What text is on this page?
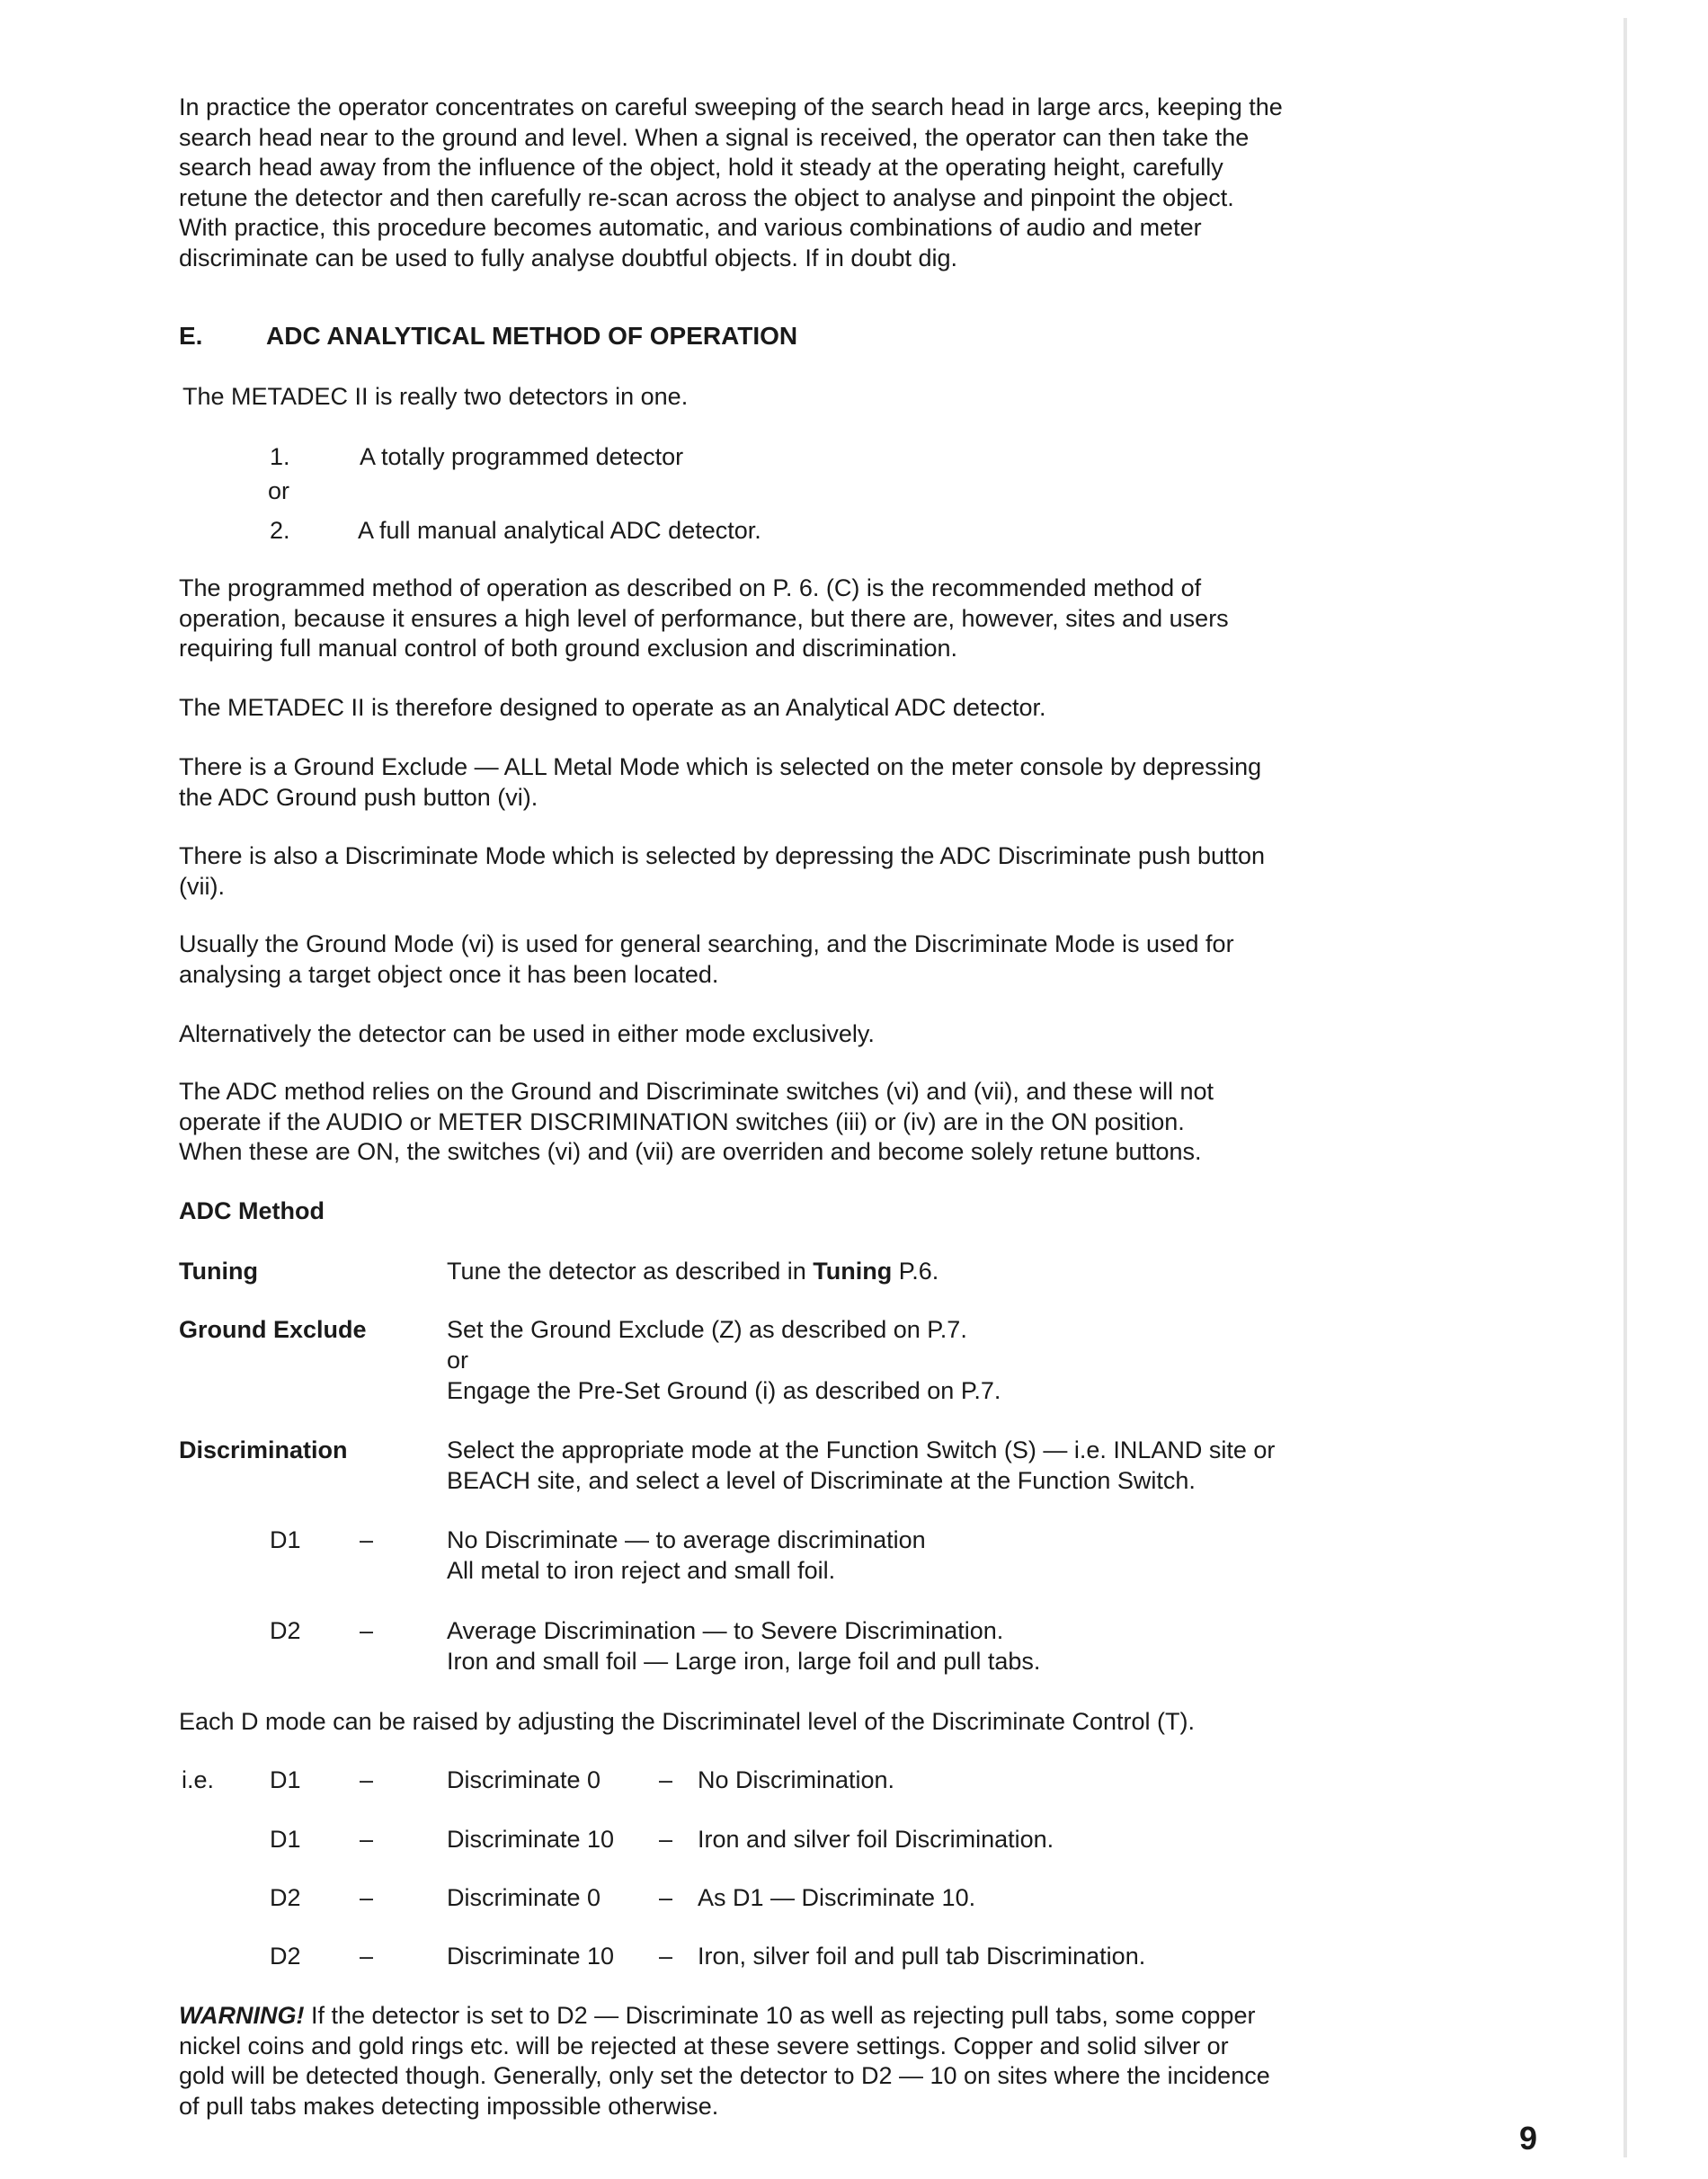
In practice the operator concentrates on careful sweeping of the search head in large arcs, keeping the
search head near to the ground and level. When a signal is received, the operator can then take the
search head away from the influence of the object, hold it steady at the operating height, carefully
retune the detector and then carefully re-scan across the object to analyse and pinpoint the object.
With practice, this procedure becomes automatic, and various combinations of audio and meter
discriminate can be used to fully analyse doubtful objects. If in doubt dig.
E.	ADC ANALYTICAL METHOD OF OPERATION
The METADEC II is really two detectors in one.
1.	A totally programmed detector
or
2.	A full manual analytical ADC detector.
The programmed method of operation as described on P. 6. (C) is the recommended method of
operation, because it ensures a high level of performance, but there are, however, sites and users
requiring full manual control of both ground exclusion and discrimination.
The METADEC II is therefore designed to operate as an Analytical ADC detector.
There is a Ground Exclude — ALL Metal Mode which is selected on the meter console by depressing
the ADC Ground push button (vi).
There is also a Discriminate Mode which is selected by depressing the ADC Discriminate push button
(vii).
Usually the Ground Mode (vi) is used for general searching, and the Discriminate Mode is used for
analysing a target object once it has been located.
Alternatively the detector can be used in either mode exclusively.
The ADC method relies on the Ground and Discriminate switches (vi) and (vii), and these will not
operate if the AUDIO or METER DISCRIMINATION switches (iii) or (iv) are in the ON position.
When these are ON, the switches (vi) and (vii) are overriden and become solely retune buttons.
ADC Method
Tuning	Tune the detector as described in Tuning P.6.
Ground Exclude	Set the Ground Exclude (Z) as described on P.7.
or
Engage the Pre-Set Ground (i) as described on P.7.
Discrimination	Select the appropriate mode at the Function Switch (S) — i.e. INLAND site or
BEACH site, and select a level of Discriminate at the Function Switch.
D1 –	No Discriminate — to average discrimination
All metal to iron reject and small foil.
D2 –	Average Discrimination — to Severe Discrimination.
Iron and small foil — Large iron, large foil and pull tabs.
Each D mode can be raised by adjusting the Discriminatel level of the Discriminate Control (T).
i.e. D1 –	Discriminate 0 – No Discrimination.
D1 –	Discriminate 10 – Iron and silver foil Discrimination.
D2 –	Discriminate 0 – As D1 — Discriminate 10.
D2 –	Discriminate 10 – Iron, silver foil and pull tab Discrimination.
WARNING! If the detector is set to D2 — Discriminate 10 as well as rejecting pull tabs, some copper
nickel coins and gold rings etc. will be rejected at these severe settings. Copper and solid silver or
gold will be detected though. Generally, only set the detector to D2 — 10 on sites where the incidence
of pull tabs makes detecting impossible otherwise.
9
